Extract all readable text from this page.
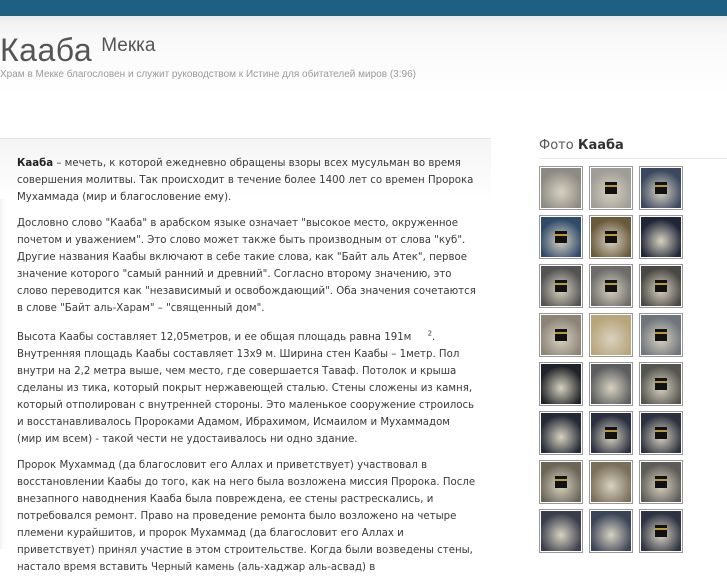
Кааба Мекка
Храм в Мекке благословен и служит руководством к Истине для обитателей миров (3:96)

Кааба – мечеть, к которой ежедневно обращены взоры всех мусульман во время совершения молитвы. Так происходит в течение более 1400 лет со времен Пророка Мухаммада (мир и благословение ему).

Дословно слово "Кааба" в арабском языке означает "высокое место, окруженное почетом и уважением". Это слово может также быть производным от слова "куб". Другие названия Каабы включают в себе такие слова, как "Байт аль Атек", первое значение которого "самый ранний и древний". Согласно второму значению, это слово переводится как "независимый и освобождающий". Оба значения сочетаются в слове "Байт аль-Харам" – "священный дом".

Высота Каабы составляет 12,05метров, и ее общая площадь равна 191м $^2$. Внутренняя площадь Каабы составляет 13х9 м. Ширина стен Каабы – 1метр. Пол внутри на 2,2 метра выше, чем место, где совершается Таваф. Потолок и крыша сделаны из тика, который покрыт нержавеющей сталью. Стены сложены из камня, который отполирован с внутренней стороны. Это маленькое сооружение строилось и восстанавливалось Пророками Адамом, Ибрахимом, Исмаилом и Мухаммадом (мир им всем) - такой чести не удостаивалось ни одно здание.

Пророк Мухаммад (да благословит его Аллах и приветствует) участвовал в восстановлении Каабы до того, как на него была возложена миссия Пророка. После внезапного наводнения Кааба была повреждена, ее стены растрескались, и потребовался ремонт. Право на проведение ремонта было возложено на четыре племени курайшитов, и пророк Мухаммад (да благословит его Аллах и приветствует) принял участие в этом строительстве. Когда были возведены стены, настало время вставить Черный камень (аль-хаджар аль-асвад) в

Фото Кааба
